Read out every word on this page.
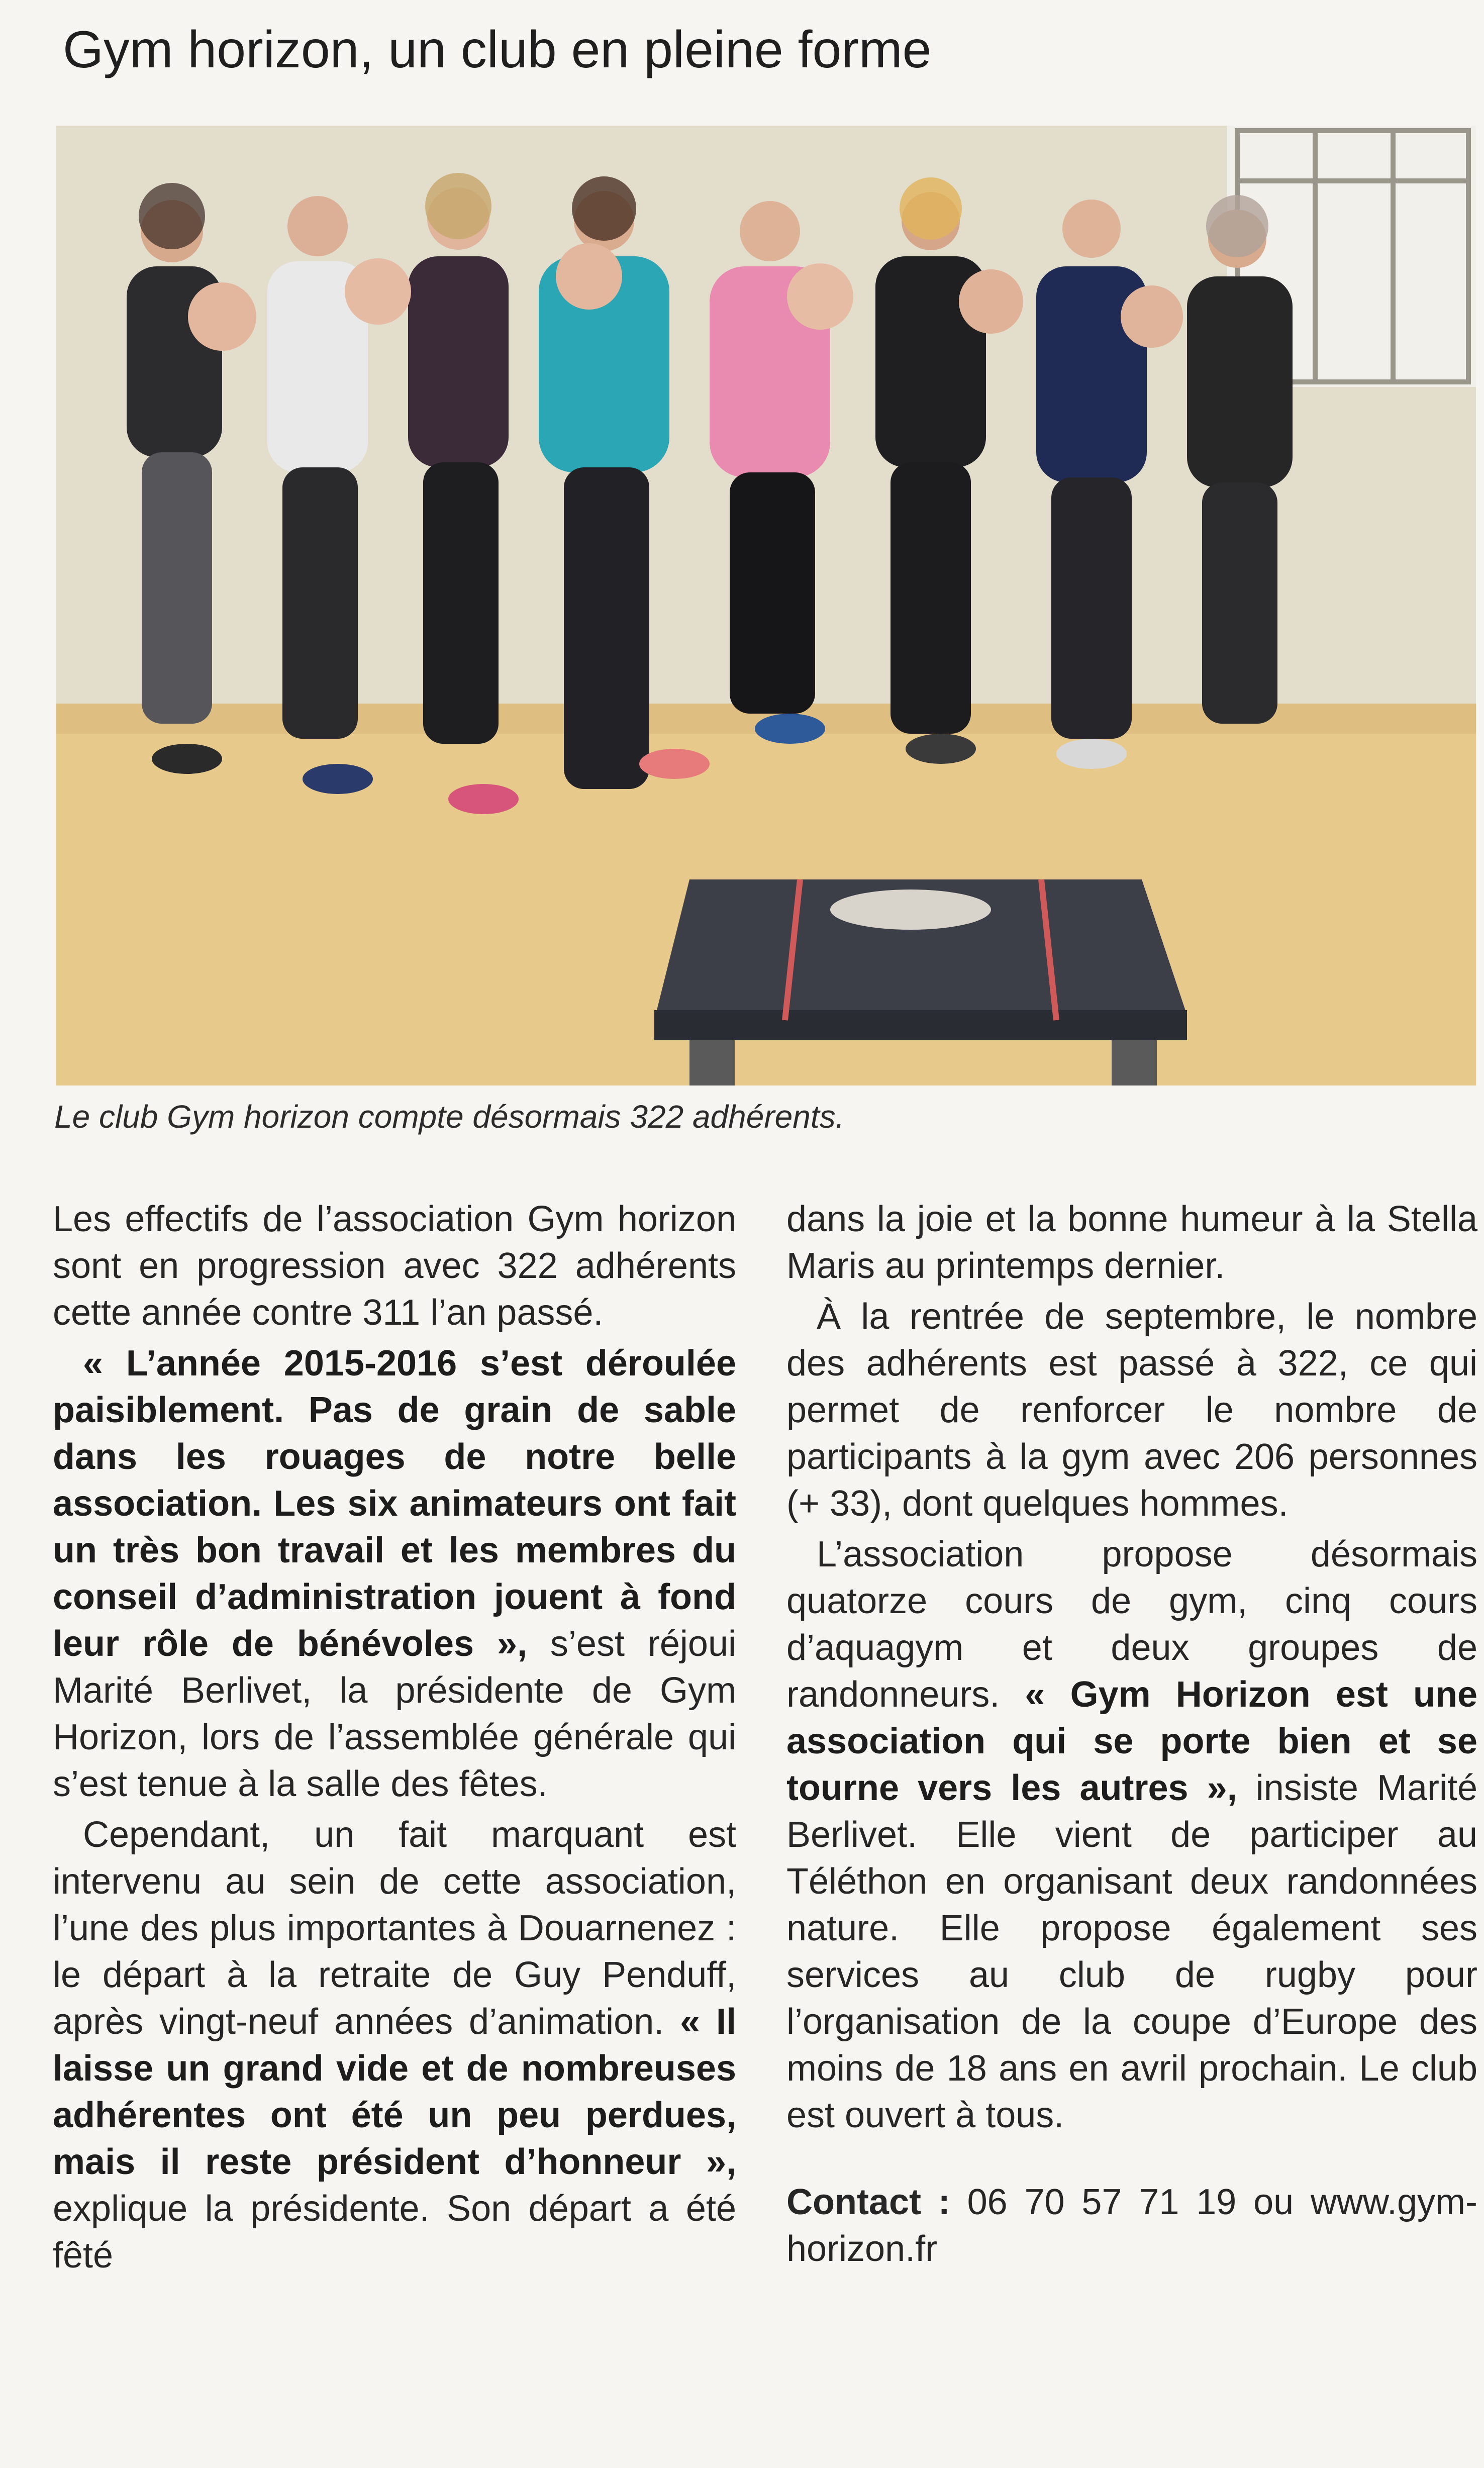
Gym horizon, un club en pleine forme

Le club Gym horizon compte désormais 322 adhérents.

Les effectifs de l’association Gym horizon sont en progression avec 322 adhérents cette année contre 311 l’an passé.

« L’année 2015-2016 s’est déroulée paisiblement. Pas de grain de sable dans les rouages de notre belle association. Les six animateurs ont fait un très bon travail et les membres du conseil d’administration jouent à fond leur rôle de bénévoles », s’est réjoui Marité Berlivet, la présidente de Gym Horizon, lors de l’assemblée générale qui s’est tenue à la salle des fêtes.

Cependant, un fait marquant est intervenu au sein de cette association, l’une des plus importantes à Douarnenez : le départ à la retraite de Guy Penduff, après vingt-neuf années d’animation. « Il laisse un grand vide et de nombreuses adhérentes ont été un peu perdues, mais il reste président d’honneur », explique la présidente. Son départ a été fêté

dans la joie et la bonne humeur à la Stella Maris au printemps dernier.

À la rentrée de septembre, le nombre des adhérents est passé à 322, ce qui permet de renforcer le nombre de participants à la gym avec 206 personnes (+ 33), dont quelques hommes.

L’association propose désormais quatorze cours de gym, cinq cours d’aquagym et deux groupes de randonneurs. « Gym Horizon est une association qui se porte bien et se tourne vers les autres », insiste Marité Berlivet. Elle vient de participer au Téléthon en organisant deux randonnées nature. Elle propose également ses services au club de rugby pour l’organisation de la coupe d’Europe des moins de 18 ans en avril prochain. Le club est ouvert à tous.

Contact : 06 70 57 71 19 ou www.gym-horizon.fr
